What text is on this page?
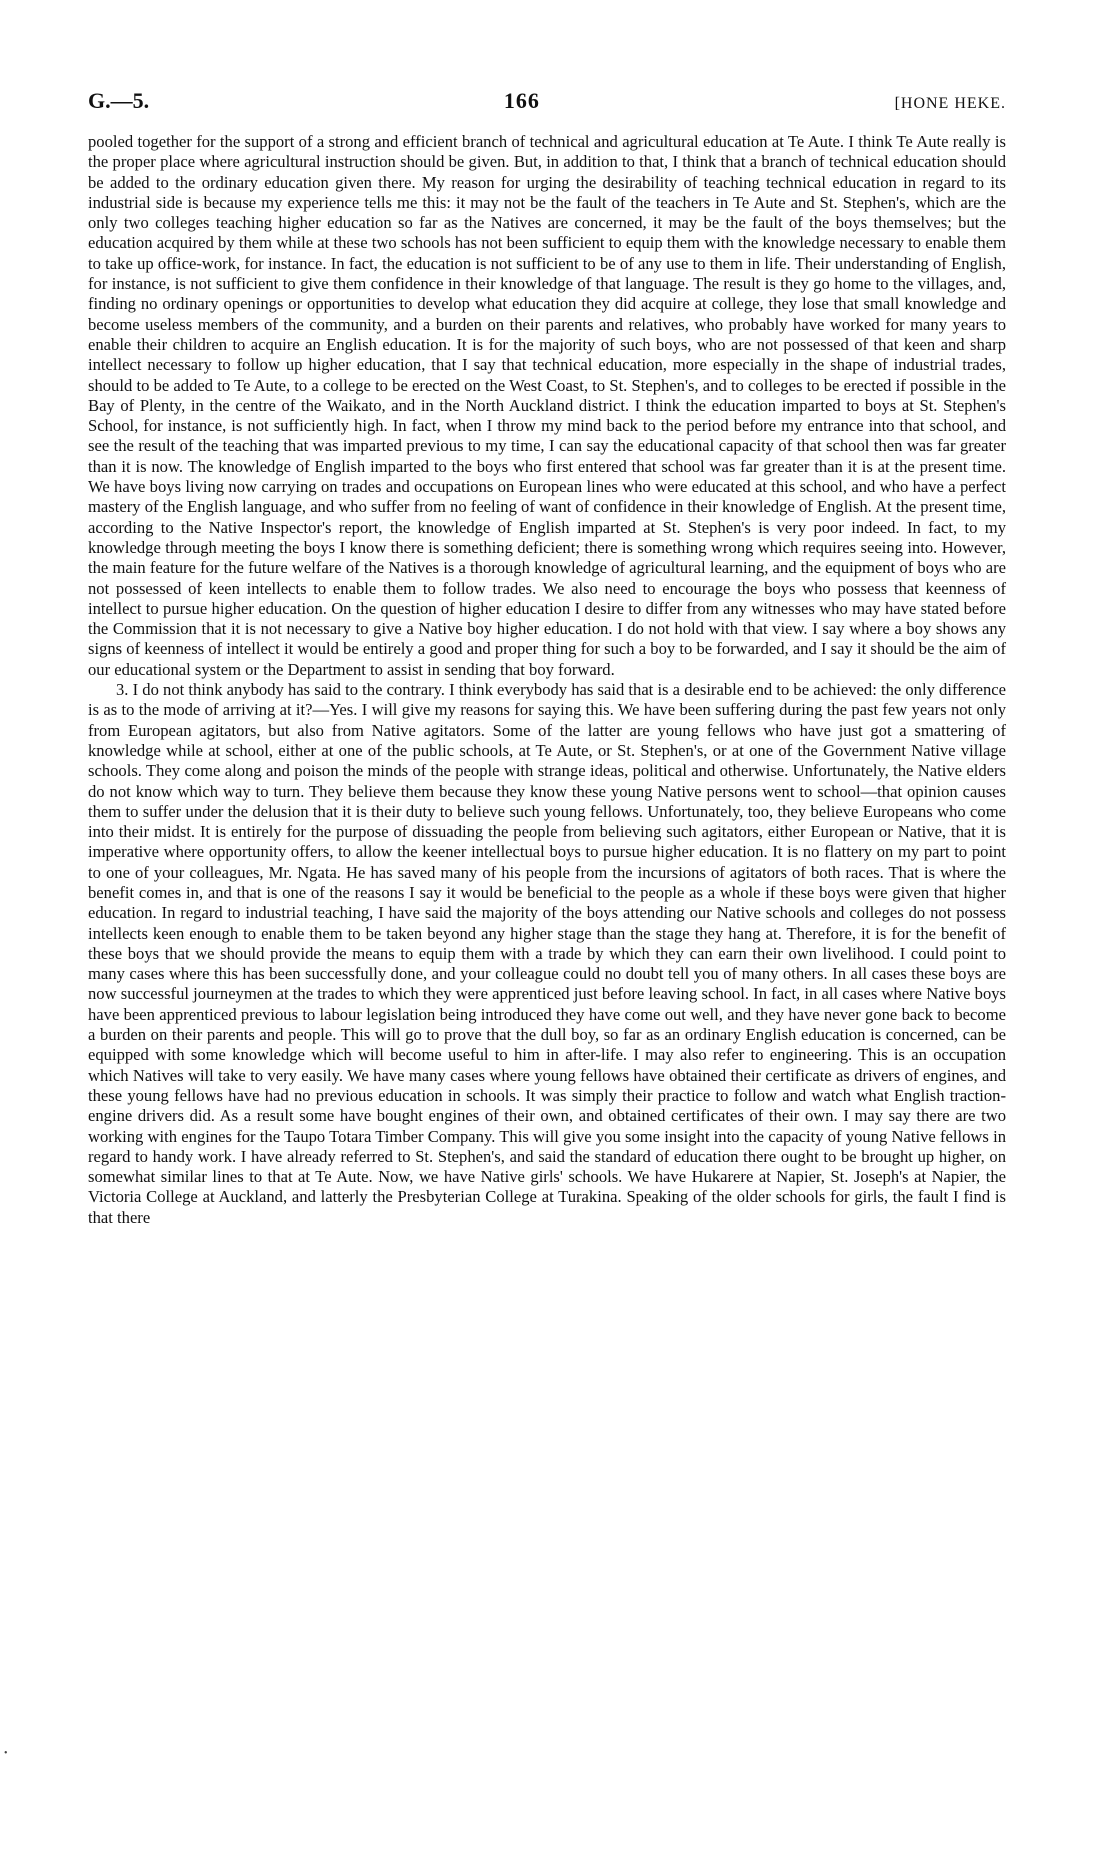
G.—5.	166	[HONE HEKE.

pooled together for the support of a strong and efficient branch of technical and agricultural education at Te Aute. I think Te Aute really is the proper place where agricultural instruction should be given. But, in addition to that, I think that a branch of technical education should be added to the ordinary education given there. My reason for urging the desirability of teaching technical education in regard to its industrial side is because my experience tells me this: it may not be the fault of the teachers in Te Aute and St. Stephen's, which are the only two colleges teaching higher education so far as the Natives are concerned, it may be the fault of the boys themselves; but the education acquired by them while at these two schools has not been sufficient to equip them with the knowledge necessary to enable them to take up office-work, for instance. In fact, the education is not sufficient to be of any use to them in life. Their understanding of English, for instance, is not sufficient to give them confidence in their knowledge of that language. The result is they go home to the villages, and, finding no ordinary openings or opportunities to develop what education they did acquire at college, they lose that small knowledge and become useless members of the community, and a burden on their parents and relatives, who probably have worked for many years to enable their children to acquire an English education. It is for the majority of such boys, who are not possessed of that keen and sharp intellect necessary to follow up higher education, that I say that technical education, more especially in the shape of industrial trades, should to be added to Te Aute, to a college to be erected on the West Coast, to St. Stephen's, and to colleges to be erected if possible in the Bay of Plenty, in the centre of the Waikato, and in the North Auckland district. I think the education imparted to boys at St. Stephen's School, for instance, is not sufficiently high. In fact, when I throw my mind back to the period before my entrance into that school, and see the result of the teaching that was imparted previous to my time, I can say the educational capacity of that school then was far greater than it is now. The knowledge of English imparted to the boys who first entered that school was far greater than it is at the present time. We have boys living now carrying on trades and occupations on European lines who were educated at this school, and who have a perfect mastery of the English language, and who suffer from no feeling of want of confidence in their knowledge of English. At the present time, according to the Native Inspector's report, the knowledge of English imparted at St. Stephen's is very poor indeed. In fact, to my knowledge through meeting the boys I know there is something deficient; there is something wrong which requires seeing into. However, the main feature for the future welfare of the Natives is a thorough knowledge of agricultural learning, and the equipment of boys who are not possessed of keen intellects to enable them to follow trades. We also need to encourage the boys who possess that keenness of intellect to pursue higher education. On the question of higher education I desire to differ from any witnesses who may have stated before the Commission that it is not necessary to give a Native boy higher education. I do not hold with that view. I say where a boy shows any signs of keenness of intellect it would be entirely a good and proper thing for such a boy to be forwarded, and I say it should be the aim of our educational system or the Department to assist in sending that boy forward.

3. I do not think anybody has said to the contrary. I think everybody has said that is a desirable end to be achieved: the only difference is as to the mode of arriving at it?—Yes. I will give my reasons for saying this. We have been suffering during the past few years not only from European agitators, but also from Native agitators. Some of the latter are young fellows who have just got a smattering of knowledge while at school, either at one of the public schools, at Te Aute, or St. Stephen's, or at one of the Government Native village schools. They come along and poison the minds of the people with strange ideas, political and otherwise. Unfortunately, the Native elders do not know which way to turn. They believe them because they know these young Native persons went to school—that opinion causes them to suffer under the delusion that it is their duty to believe such young fellows. Unfortunately, too, they believe Europeans who come into their midst. It is entirely for the purpose of dissuading the people from believing such agitators, either European or Native, that it is imperative where opportunity offers, to allow the keener intellectual boys to pursue higher education. It is no flattery on my part to point to one of your colleagues, Mr. Ngata. He has saved many of his people from the incursions of agitators of both races. That is where the benefit comes in, and that is one of the reasons I say it would be beneficial to the people as a whole if these boys were given that higher education. In regard to industrial teaching, I have said the majority of the boys attending our Native schools and colleges do not possess intellects keen enough to enable them to be taken beyond any higher stage than the stage they hang at. Therefore, it is for the benefit of these boys that we should provide the means to equip them with a trade by which they can earn their own livelihood. I could point to many cases where this has been successfully done, and your colleague could no doubt tell you of many others. In all cases these boys are now successful journeymen at the trades to which they were apprenticed just before leaving school. In fact, in all cases where Native boys have been apprenticed previous to labour legislation being introduced they have come out well, and they have never gone back to become a burden on their parents and people. This will go to prove that the dull boy, so far as an ordinary English education is concerned, can be equipped with some knowledge which will become useful to him in after-life. I may also refer to engineering. This is an occupation which Natives will take to very easily. We have many cases where young fellows have obtained their certificate as drivers of engines, and these young fellows have had no previous education in schools. It was simply their practice to follow and watch what English traction-engine drivers did. As a result some have bought engines of their own, and obtained certificates of their own. I may say there are two working with engines for the Taupo Totara Timber Company. This will give you some insight into the capacity of young Native fellows in regard to handy work. I have already referred to St. Stephen's, and said the standard of education there ought to be brought up higher, on somewhat similar lines to that at Te Aute. Now, we have Native girls' schools. We have Hukarere at Napier, St. Joseph's at Napier, the Victoria College at Auckland, and latterly the Presbyterian College at Turakina. Speaking of the older schools for girls, the fault I find is that there

•
